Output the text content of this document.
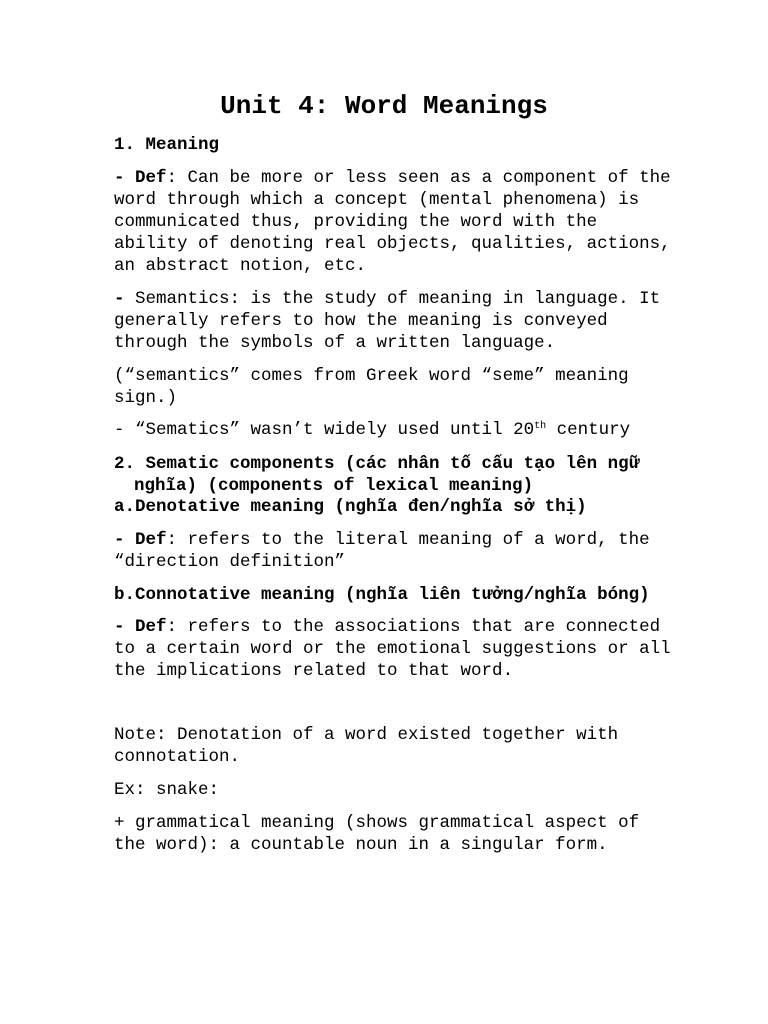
Unit 4: Word Meanings
1. Meaning
- Def: Can be more or less seen as a component of the
word through which a concept (mental phenomena) is
communicated thus, providing the word with the
ability of denoting real objects, qualities, actions,
an abstract notion, etc.
- Semantics: is the study of meaning in language. It
generally refers to how the meaning is conveyed
through the symbols of a written language.
(“semantics” comes from Greek word “seme” meaning
sign.)
- “Sematics” wasn’t widely used until 20th century
2. Sematic components (các nhân tố cấu tạo lên ngữ
nghĩa) (components of lexical meaning)
a.Denotative meaning (nghĩa đen/nghĩa sở thị)
- Def: refers to the literal meaning of a word, the
“direction definition”
b.Connotative meaning (nghĩa liên tưởng/nghĩa bóng)
- Def: refers to the associations that are connected
to a certain word or the emotional suggestions or all
the implications related to that word.
Note: Denotation of a word existed together with
connotation.
Ex: snake:
+ grammatical meaning (shows grammatical aspect of
the word): a countable noun in a singular form.
